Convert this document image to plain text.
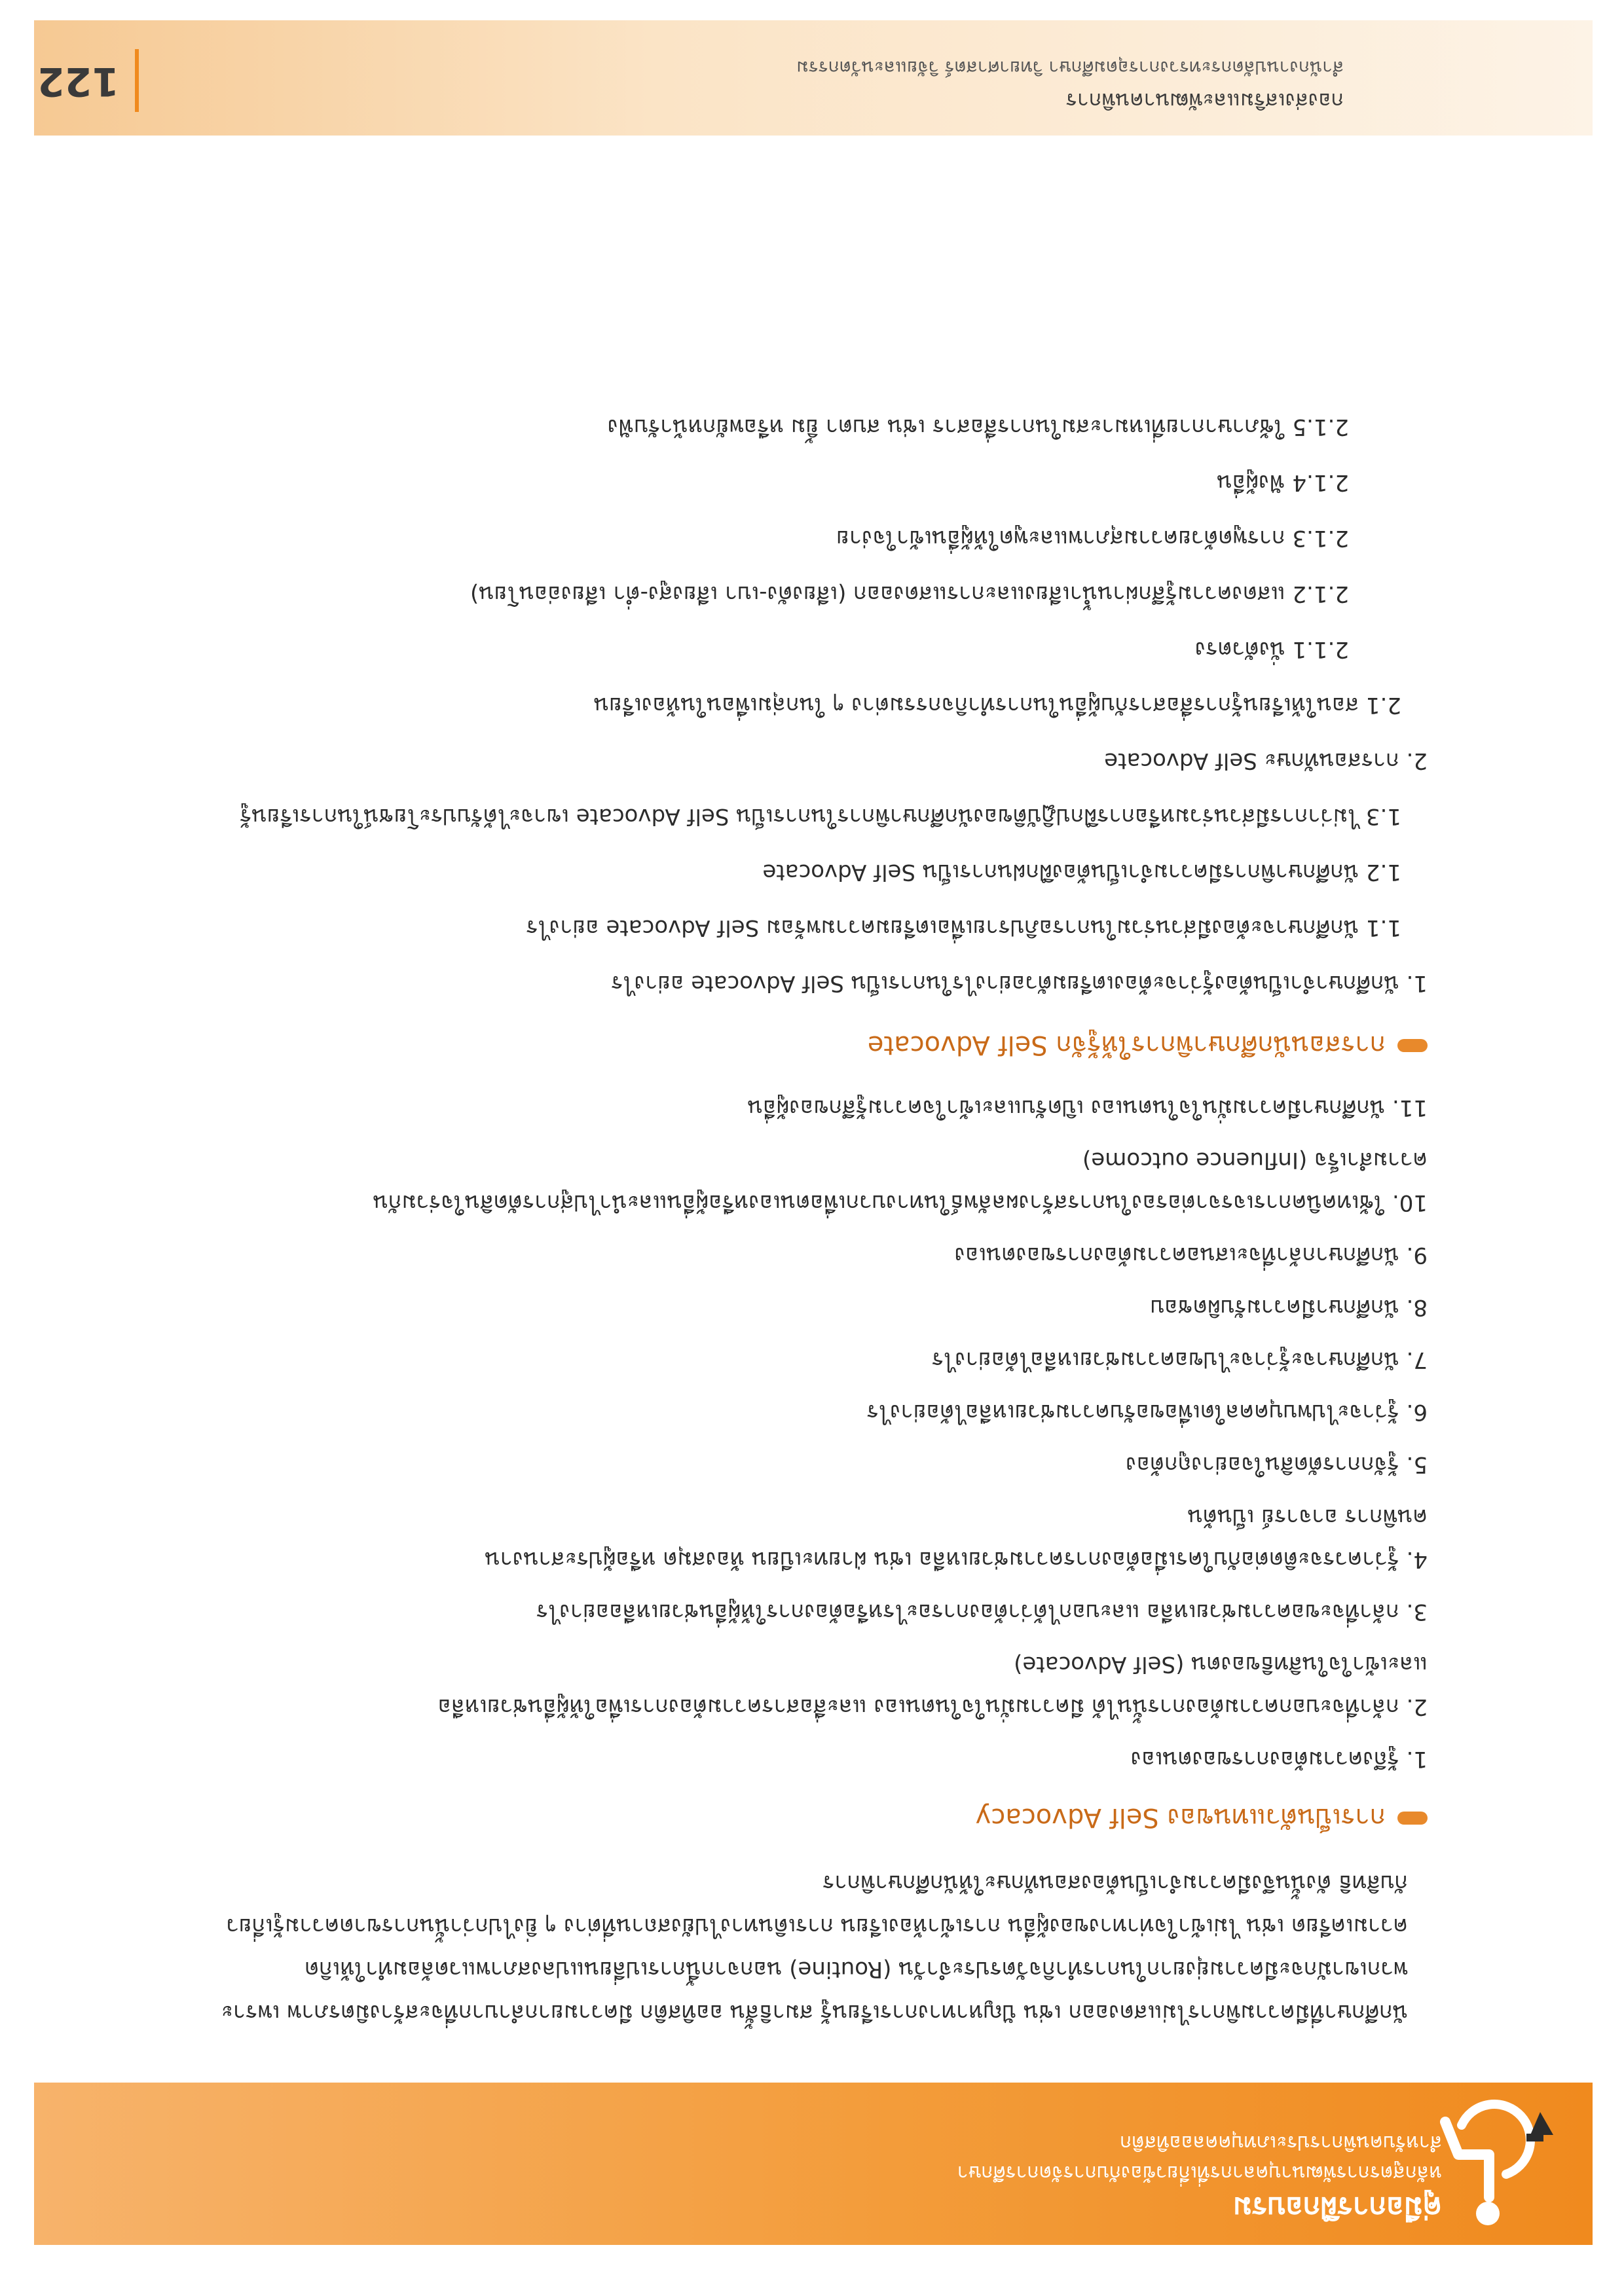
คู่มือการฝึกอบรม
หลักสูตรการพัฒนาบุคลากรที่เกี่ยวข้องกับการจัดการศึกษา
สำหรับคนพิการประเภทบุคคลออทิสติก
นักศึกษาที่มีความพิการไม่แสดงออก เช่น ปัญหาทางการเรียนรู้ สมาธิสั้น ออทิสติก มีความยากลำบากที่จะสร้างมิตรภาพ เพราะพวกเขามักจะมีความยุ่งยากในการทำกิจวัตรประจำวัน (Routine) นอกจากนี้การเปลี่ยนแปลงสภาพแวดล้อมทำให้เกิดความเครียด เช่น ไม่เข้าใจท่าทางของผู้อื่น การเข้าห้องเรียน การเดินทางไปยังสถานที่ต่าง ๆ ยิ่งไปกว่านั้นการขาดความรู้เกี่ยวกับสิทธิ ดังนั้นจึงมีความจำเป็นต้องสอนทักษะให้นักศึกษาพิการ
การเป็นตัวแทนของ Self Advocacy
1. รู้ถึงความต้องการของตนเอง
2. กล้าที่จะบอกความต้องการนั้นได้ มีความมั่นใจในตนเอง และสื่อสารความต้องการเพื่อให้ผู้อื่นช่วยเหลือ
และเข้าใจในสิทธิของตน (Self Advocate)
3. กล้าที่จะขอความช่วยเหลือ และบอกได้ว่าต้องการอะไรหรือต้องการให้ผู้อื่นช่วยเหลืออย่างไร
4. รู้ว่าควรจะติดต่อกับใครเมื่อต้องการความช่วยเหลือ เช่น ฝ่ายทะเบียน ห้องสมุด หรือผู้ประสานงาน
คนพิการ อาจารย์ เป็นต้น
5. รู้จักการตัดสินใจอย่างถูกต้อง
6. รู้ว่าจะไปพบบุคคลใดเพื่อขอรับความช่วยเหลือได้อย่างไร
7. นักศึกษาจะรู้ว่าจะไปขอความช่วยเหลือได้อย่างไร
8. นักศึกษามีความรับผิดชอบ
9. นักศึกษากล้าที่จะเสนอความต้องการของตนเอง
10. ใช้เทคนิคการเจรจาต่อรองในการสร้างผลลัพธ์ในทางบวกเพื่อตนเองหรือผู้อื่นและนำไปสู่การตัดสินใจร่วมกัน
ความสำเร็จ (Influence outcome)
11. นักศึกษามีความมั่นใจในตนเอง เปิดรับและเข้าใจความรู้สึกของผู้อื่น
การสอนนักศึกษาพิการให้รู้จัก Self Advocate
1. นักศึกษาจำเป็นต้องรู้ว่าจะต้องเตรียมตัวอย่างไรในการเป็น Self Advocate อย่างไร
1.1 นักศึกษาจะต้องมีส่วนร่วมในการอภิปรายเพื่อเตรียมความพร้อม Self Advocate อย่างไร
1.2 นักศึกษาพิการมีความจำเป็นต้องฝึกฝนการเป็น Self Advocate
1.3 ไม่ว่าการมีส่วนร่วมหรือการฝึกปฏิบัติของนักศึกษาพิการในการเป็น Self Advocate เขาจะได้รับประโยชน์ในการเรียนรู้
2. การสอนทักษะ Self Advocate
2.1 สอนให้เรียนรู้การสื่อสารกับผู้อื่นในการทำกิจกรรมต่าง ๆ ในกลุ่มเพื่อนในห้องเรียน
2.1.1 นั่งตัวตรง
2.1.2 แสดงความรู้สึกผ่านน้ำเสียงและการแสดงออก (เสียงดัง-เบา เสียงสูง-ต่ำ เสียงอ่อนโยน)
2.1.3 การพูดด้วยความสุภาพและพูดให้ผู้อื่นเข้าใจง่าย
2.1.4 ฟังผู้อื่น
2.1.5 ใช้ภาษากายที่เหมาะสมในการสื่อสาร เช่น สบตา ยิ้ม หรือพยักหน้ารับฟัง
กองส่งเสริมและพัฒนาคนพิการ
สำนักงานปลัดกระทรวงการอุดมศึกษา วิทยาศาสตร์ วิจัยและนวัตกรรม
122
